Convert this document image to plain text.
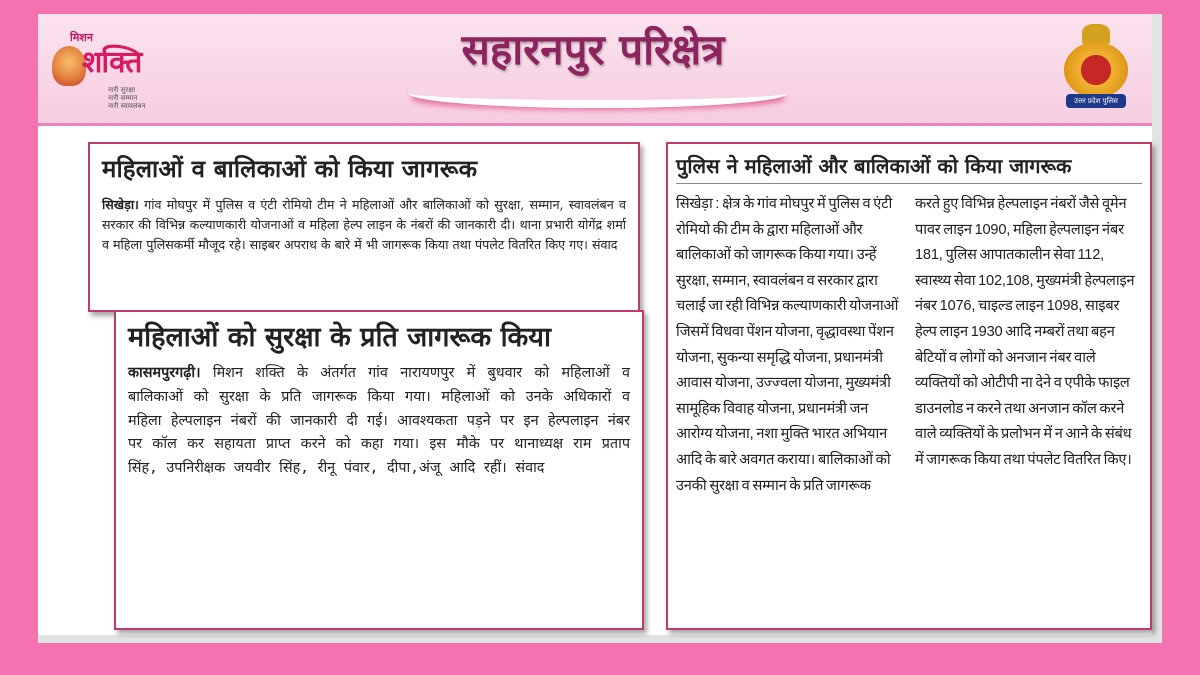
मिशन
शक्ति
नारी सुरक्षा
नारी सम्मान
नारी स्वावलंबन
सहारनपुर परिक्षेत्र
उत्तर प्रदेश पुलिस
महिलाओं व बालिकाओं को किया जागरूक
सिखेड़ा। गांव मोघपुर में पुलिस व एंटी रोमियो टीम ने महिलाओं और बालिकाओं को सुरक्षा, सम्मान, स्वावलंबन व सरकार की विभिन्न कल्याणकारी योजनाओं व महिला हेल्प लाइन के नंबरों की जानकारी दी। थाना प्रभारी योगेंद्र शर्मा व महिला पुलिसकर्मी मौजूद रहे। साइबर अपराध के बारे में भी जागरूक किया तथा पंपलेट वितरित किए गए। संवाद
महिलाओं को सुरक्षा के प्रति जागरूक किया
कासमपुरगढ़ी। मिशन शक्ति के अंतर्गत गांव नारायणपुर में बुधवार को महिलाओं व बालिकाओं को सुरक्षा के प्रति जागरूक किया गया। महिलाओं को उनके अधिकारों व महिला हेल्पलाइन नंबरों की जानकारी दी गई। आवश्यकता पड़ने पर इन हेल्पलाइन नंबर पर कॉल कर सहायता प्राप्त करने को कहा गया। इस मौके पर थानाध्यक्ष राम प्रताप सिंह, उपनिरीक्षक जयवीर सिंह, रीनू पंवार, दीपा,अंजू आदि रहीं। संवाद
पुलिस ने महिलाओं और बालिकाओं को किया जागरूक
सिखेड़ा : क्षेत्र के गांव मोघपुर में पुलिस व एंटी रोमियो की टीम के द्वारा महिलाओं और बालिकाओं को जागरूक किया गया। उन्हें सुरक्षा, सम्मान, स्वावलंबन व सरकार द्वारा चलाई जा रही विभिन्न कल्याणकारी योजनाओं जिसमें विधवा पेंशन योजना, वृद्धावस्था पेंशन योजना, सुकन्या समृद्धि योजना, प्रधानमंत्री आवास योजना, उज्ज्वला योजना, मुख्यमंत्री सामूहिक विवाह योजना, प्रधानमंत्री जन आरोग्य योजना, नशा मुक्ति भारत अभियान आदि के बारे अवगत कराया। बालिकाओं को उनकी सुरक्षा व सम्मान के प्रति जागरूक
करते हुए विभिन्न हेल्पलाइन नंबरों जैसे वूमेन पावर लाइन 1090, महिला हेल्पलाइन नंबर 181, पुलिस आपातकालीन सेवा 112, स्वास्थ्य सेवा 102,108, मुख्यमंत्री हेल्पलाइन नंबर 1076, चाइल्ड लाइन 1098, साइबर हेल्प लाइन 1930 आदि नम्बरों तथा बहन बेटियों व लोगों को अनजान नंबर वाले व्यक्तियों को ओटीपी ना देने व एपीके फाइल डाउनलोड न करने तथा अनजान कॉल करने वाले व्यक्तियों के प्रलोभन में न आने के संबंध में जागरूक किया तथा पंपलेट वितरित किए।
